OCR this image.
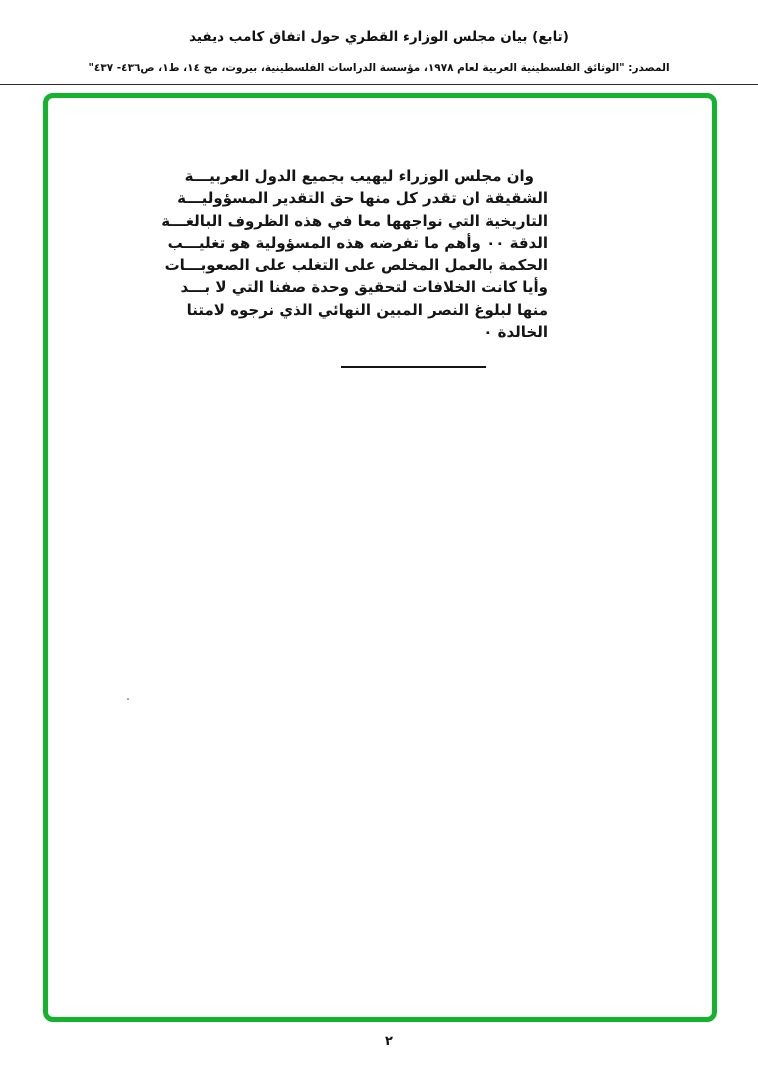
(تابع) بيان مجلس الوزارء القطري حول اتفاق كامب ديفيد
المصدر: "الوثائق الفلسطينية العربية لعام ١٩٧٨، مؤسسة الدراسات الفلسطينية، بيروت، مج ١٤، ط١، ص٤٣٦- ٤٣٧"
وان مجلس الوزراء ليهيب بجميع الدول العربيـــة
الشقيقة ان تقدر كل منها حق التقدير المسؤوليـــة
التاريخية التي نواجهها معا في هذه الظروف البالغـــة
الدقة ٠٠ وأهم ما تفرضه هذه المسؤولية هو تغليـــب
الحكمة بالعمل المخلص على التغلب على الصعوبـــات
وأيا كانت الخلافات لتحقيق وحدة صفنا التي لا بـــد
منها لبلوغ النصر المبين النهائي الذي نرجوه لامتنا
الخالدة ٠
٢
